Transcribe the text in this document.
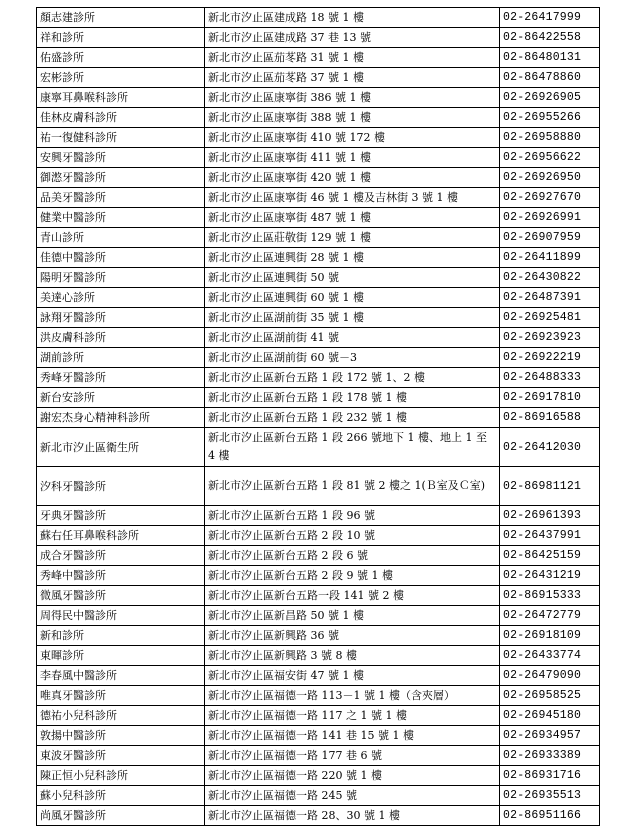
顏志建診所	新北市汐止區建成路 18 號 1 樓	02-26417999
祥和診所	新北市汐止區建成路 37 巷 13 號	02-86422558
佑盛診所	新北市汐止區茄苳路 31 號 1 樓	02-86480131
宏彬診所	新北市汐止區茄苳路 37 號 1 樓	02-86478860
康寧耳鼻喉科診所	新北市汐止區康寧街 386 號 1 樓	02-26926905
佳林皮膚科診所	新北市汐止區康寧街 388 號 1 樓	02-26955266
祐一復健科診所	新北市汐止區康寧街 410 號 172 樓	02-26958880
安興牙醫診所	新北市汐止區康寧街 411 號 1 樓	02-26956622
御滺牙醫診所	新北市汐止區康寧街 420 號 1 樓	02-26926950
品美牙醫診所	新北市汐止區康寧街 46 號 1 樓及吉林街 3 號 1 樓	02-26927670
健業中醫診所	新北市汐止區康寧街 487 號 1 樓	02-26926991
青山診所	新北市汐止區莊敬街 129 號 1 樓	02-26907959
佳德中醫診所	新北市汐止區連興街 28 號 1 樓	02-26411899
陽明牙醫診所	新北市汐止區連興街 50 號	02-26430822
美達心診所	新北市汐止區連興街 60 號 1 樓	02-26487391
詠翔牙醫診所	新北市汐止區湖前街 35 號 1 樓	02-26925481
洪皮膚科診所	新北市汐止區湖前街 41 號	02-26923923
湖前診所	新北市汐止區湖前街 60 號－3	02-26922219
秀峰牙醫診所	新北市汐止區新台五路 1 段 172 號 1、2 樓	02-26488333
新台安診所	新北市汐止區新台五路 1 段 178 號 1 樓	02-26917810
謝宏杰身心精神科診所	新北市汐止區新台五路 1 段 232 號 1 樓	02-86916588
新北市汐止區衛生所	新北市汐止區新台五路 1 段 266 號地下 1 樓、地上 1 至 4 樓	02-26412030
汐科牙醫診所	新北市汐止區新台五路 1 段 81 號 2 樓之 1(Ｂ室及Ｃ室)	02-86981121
牙典牙醫診所	新北市汐止區新台五路 1 段 96 號	02-26961393
蘇右任耳鼻喉科診所	新北市汐止區新台五路 2 段 10 號	02-26437991
成合牙醫診所	新北市汐止區新台五路 2 段 6 號	02-86425159
秀峰中醫診所	新北市汐止區新台五路 2 段 9 號 1 樓	02-26431219
微風牙醫診所	新北市汐止區新台五路一段 141 號 2 樓	02-86915333
周得民中醫診所	新北市汐止區新昌路 50 號 1 樓	02-26472779
新和診所	新北市汐止區新興路 36 號	02-26918109
東暉診所	新北市汐止區新興路 3 號 8 樓	02-26433774
李春風中醫診所	新北市汐止區福安街 47 號 1 樓	02-26479090
唯真牙醫診所	新北市汐止區福德一路 113－1 號 1 樓（含夾層）	02-26958525
德祐小兒科診所	新北市汐止區福德一路 117 之 1 號 1 樓	02-26945180
敦揚中醫診所	新北市汐止區福德一路 141 巷 15 號 1 樓	02-26934957
東波牙醫診所	新北市汐止區福德一路 177 巷 6 號	02-26933389
陳正恒小兒科診所	新北市汐止區福德一路 220 號 1 樓	02-86931716
蘇小兒科診所	新北市汐止區福德一路 245 號	02-26935513
尚風牙醫診所	新北市汐止區福德一路 28、30 號 1 樓	02-86951166
